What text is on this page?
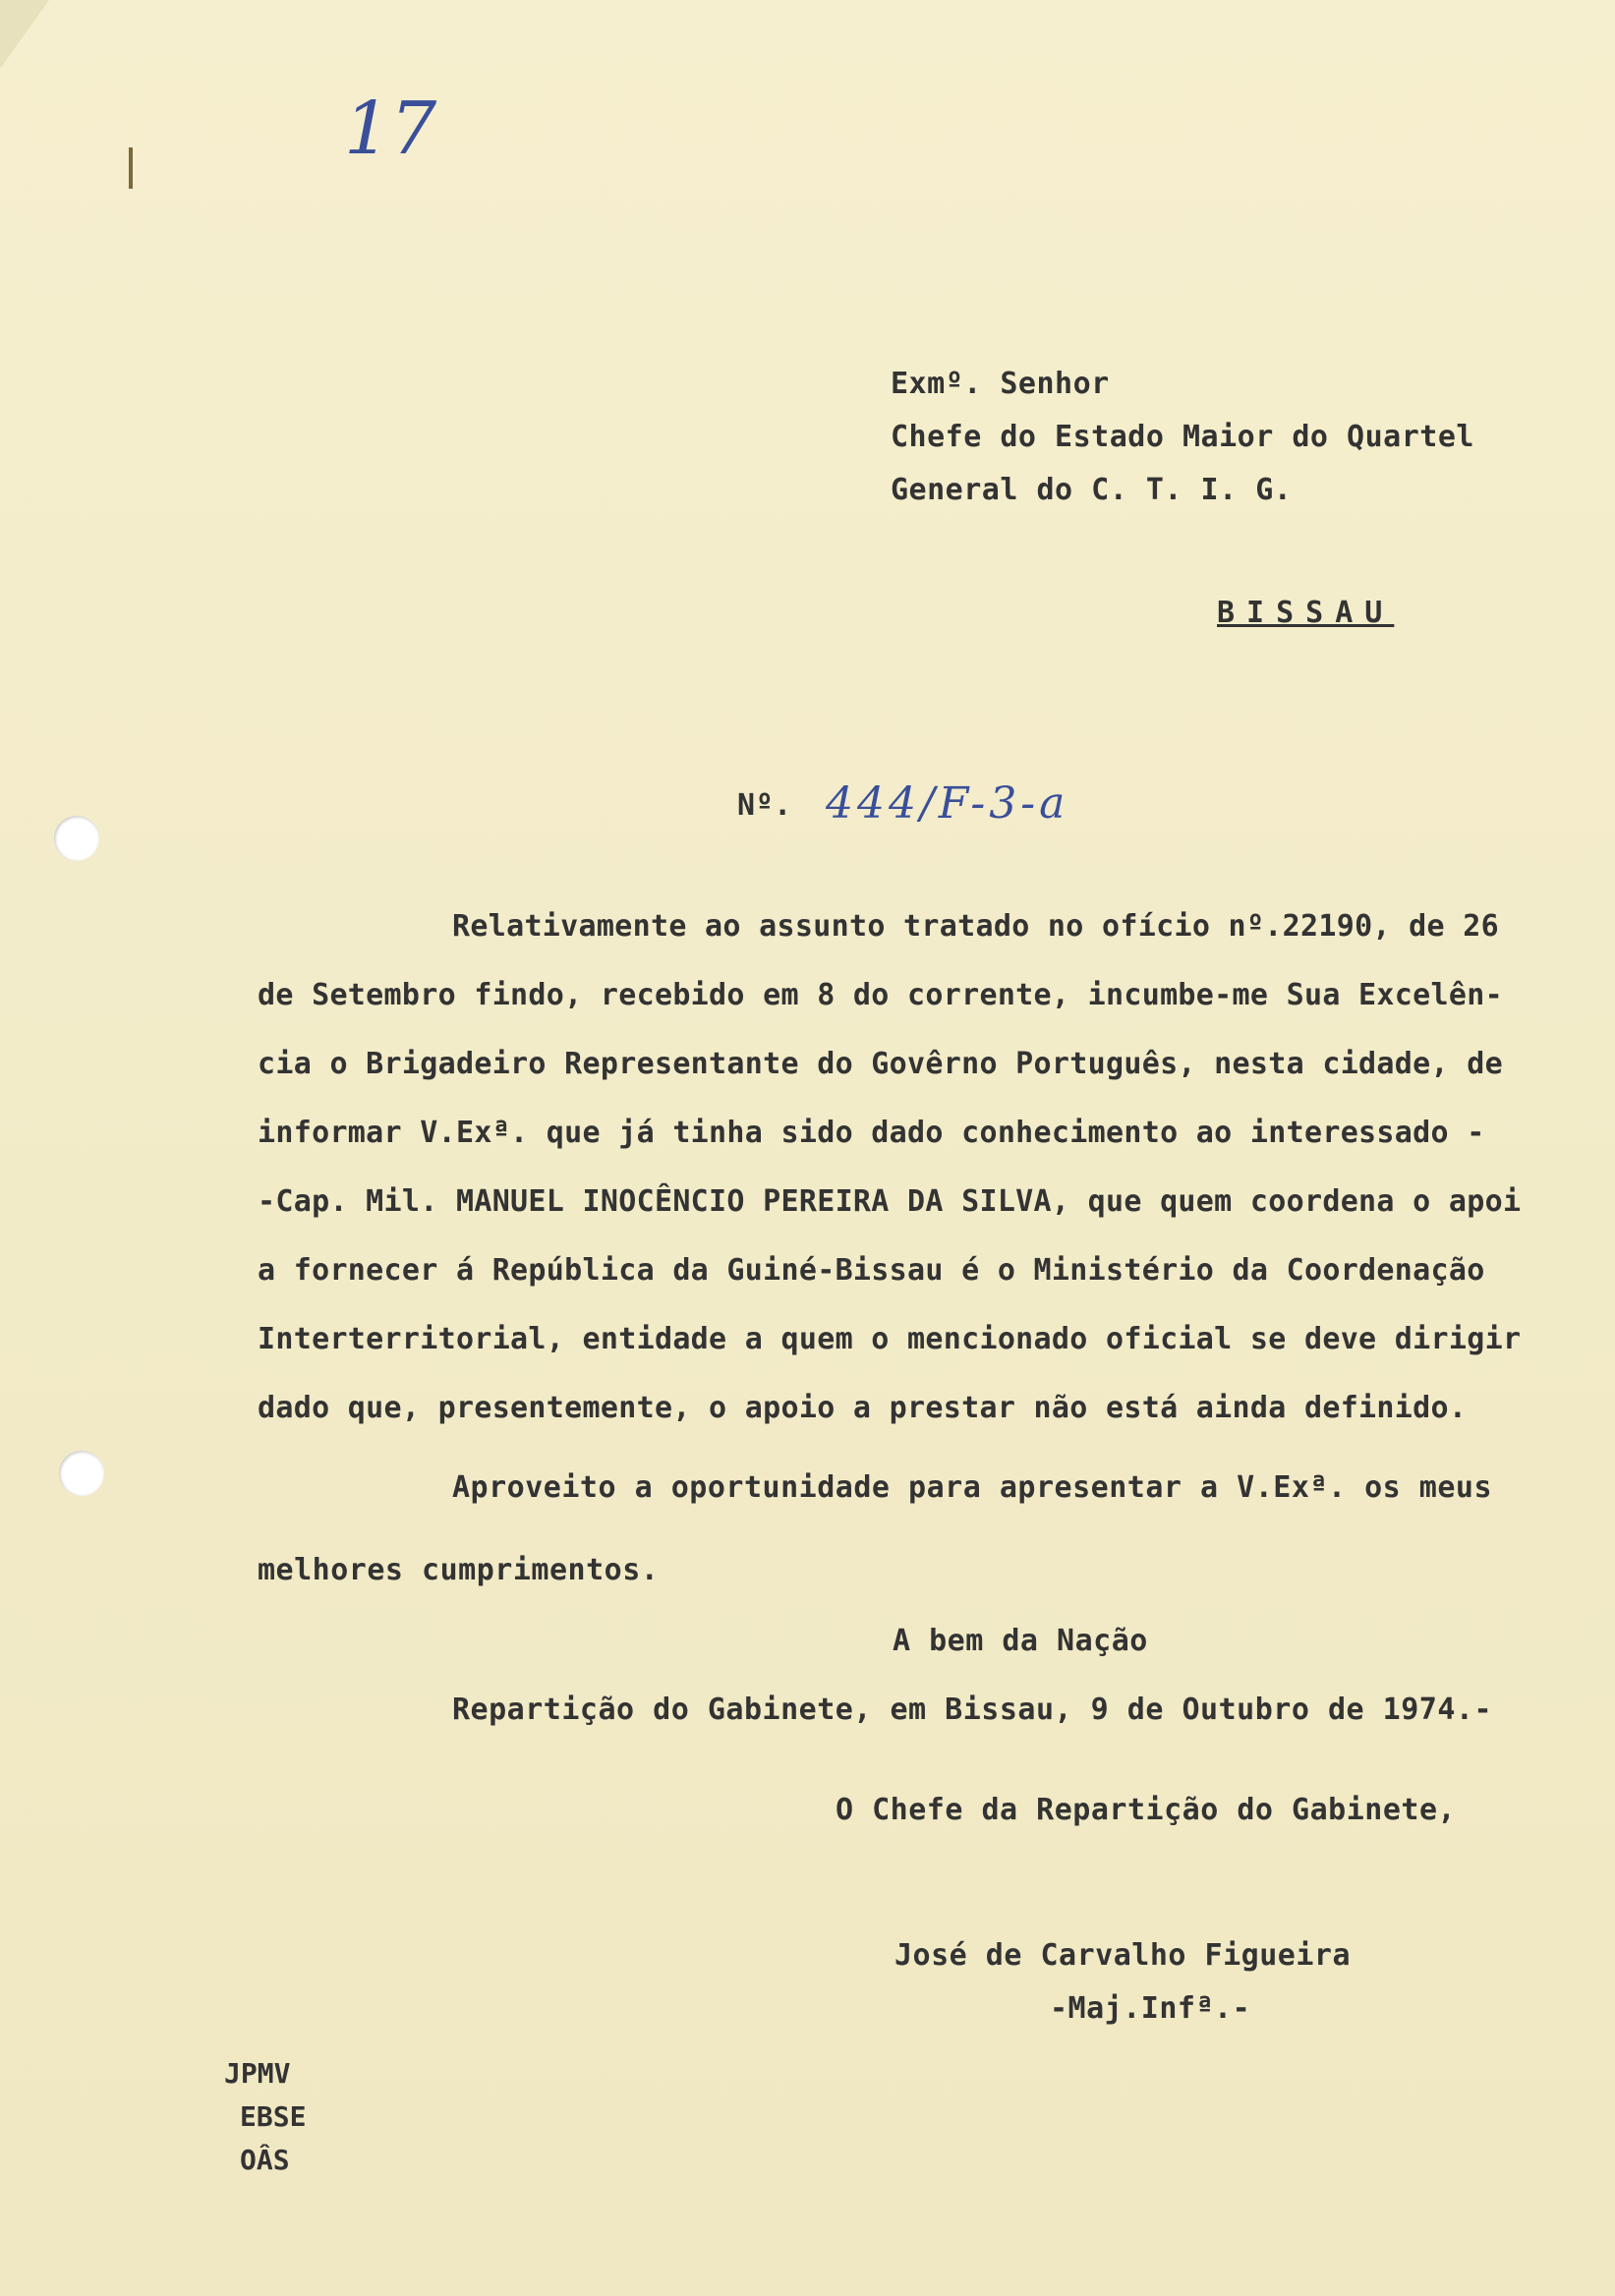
17
Exmº. Senhor
Chefe do Estado Maior do Quartel
General do C. T. I. G.
BISSAU
Nº. 444/F-3-a
Relativamente ao assunto tratado no ofício nº.22190, de 26
de Setembro findo, recebido em 8 do corrente, incumbe-me Sua Excelên-
cia o Brigadeiro Representante do Govêrno Português, nesta cidade, de
informar V.Exª. que já tinha sido dado conhecimento ao interessado -
-Cap. Mil. MANUEL INOCÊNCIO PEREIRA DA SILVA, que quem coordena o apoi
a fornecer á República da Guiné-Bissau é o Ministério da Coordenação
Interterritorial, entidade a quem o mencionado oficial se deve dirigir
dado que, presentemente, o apoio a prestar não está ainda definido.
Aproveito a oportunidade para apresentar a V.Exª. os meus
melhores cumprimentos.
A bem da Nação
Repartição do Gabinete, em Bissau, 9 de Outubro de 1974.-
O Chefe da Repartição do Gabinete,
José de Carvalho Figueira
-Maj.Infª.-
JPMV
EBSE
OÂS
